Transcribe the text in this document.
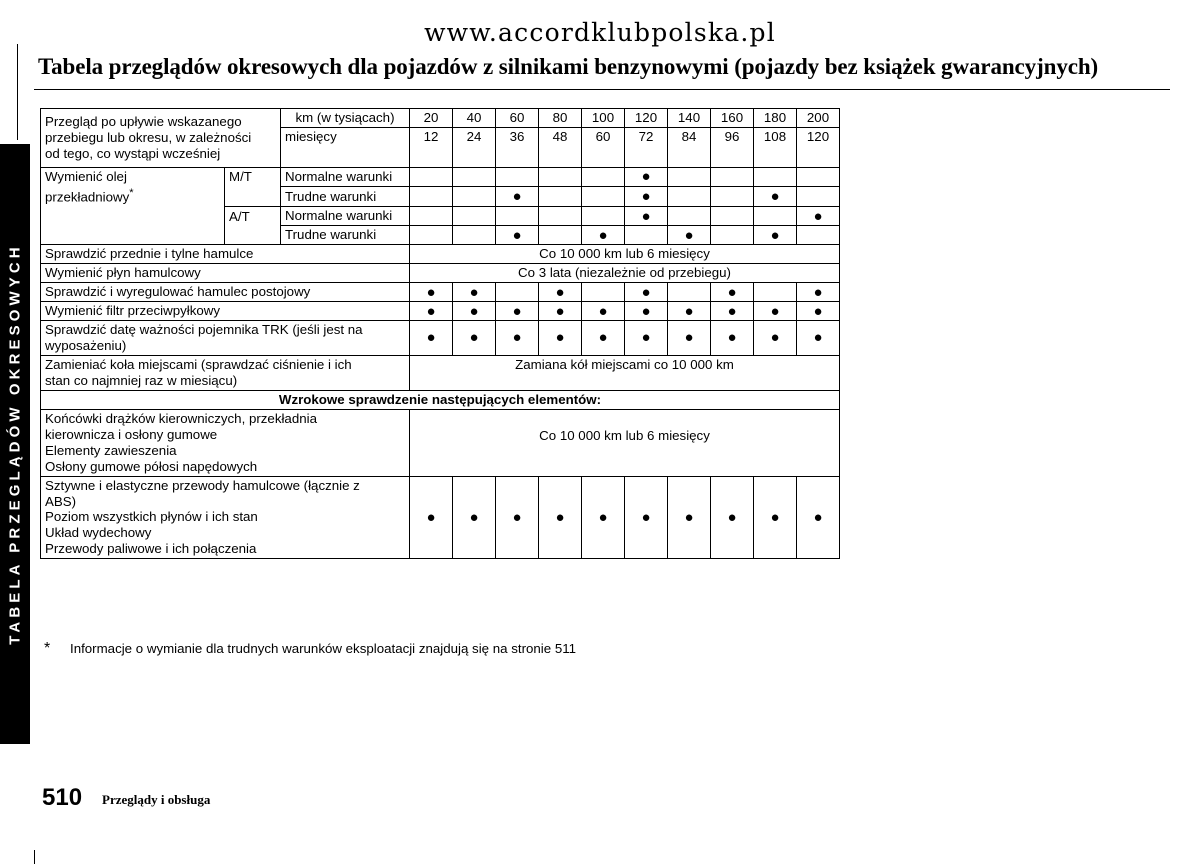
www.accordklubpolska.pl
Tabela przeglądów okresowych dla pojazdów z silnikami benzynowymi (pojazdy bez książek gwarancyjnych)
TABELA PRZEGLĄDÓW OKRESOWYCH
Przegląd po upływie wskazanego
przebiegu lub okresu, w zależności
od tego, co wystąpi wcześniej		km (w tysiącach)	20	40	60	80	100	120	140	160	180	200
		miesięcy	12	24	36	48	60	72	84	96	108	120

Wymienić olej	M/T	Normalne warunki						●				
przekładniowy*		Trudne warunki			●			●			●	
	A/T	Normalne warunki						●				●
		Trudne warunki			●		●		●		●	
Sprawdzić przednie i tylne hamulce			Co 10 000 km lub 6 miesięcy									
Wymienić płyn hamulcowy			Co 3 lata (niezależnie od przebiegu)									
Sprawdzić i wyregulować hamulec postojowy			●	●		●		●		●		●
Wymienić filtr przeciwpyłkowy			●	●	●	●	●	●	●	●	●	●

Sprawdzić datę ważności pojemnika TRK (jeśli jest na
wyposażeniu)			●	●	●	●	●	●	●	●	●	●

Zamieniać koła miejscami (sprawdzać ciśnienie i ich
stan co najmniej raz w miesiącu)			Zamiana kół miejscami co 10 000 km									
Wzrokowe sprawdzenie następujących elementów:												

Końcówki drążków kierowniczych, przekładnia
kierownicza i osłony gumowe
Elementy zawieszenia
Osłony gumowe półosi napędowych			Co 10 000 km lub 6 miesięcy									

Sztywne i elastyczne przewody hamulcowe (łącznie z
ABS)
Poziom wszystkich płynów i ich stan
Układ wydechowy
Przewody paliwowe i ich połączenia			●	●	●	●	●	●	●	●	●	●
* Informacje o wymianie dla trudnych warunków eksploatacji znajdują się na stronie 511
510 Przeglądy i obsługa
